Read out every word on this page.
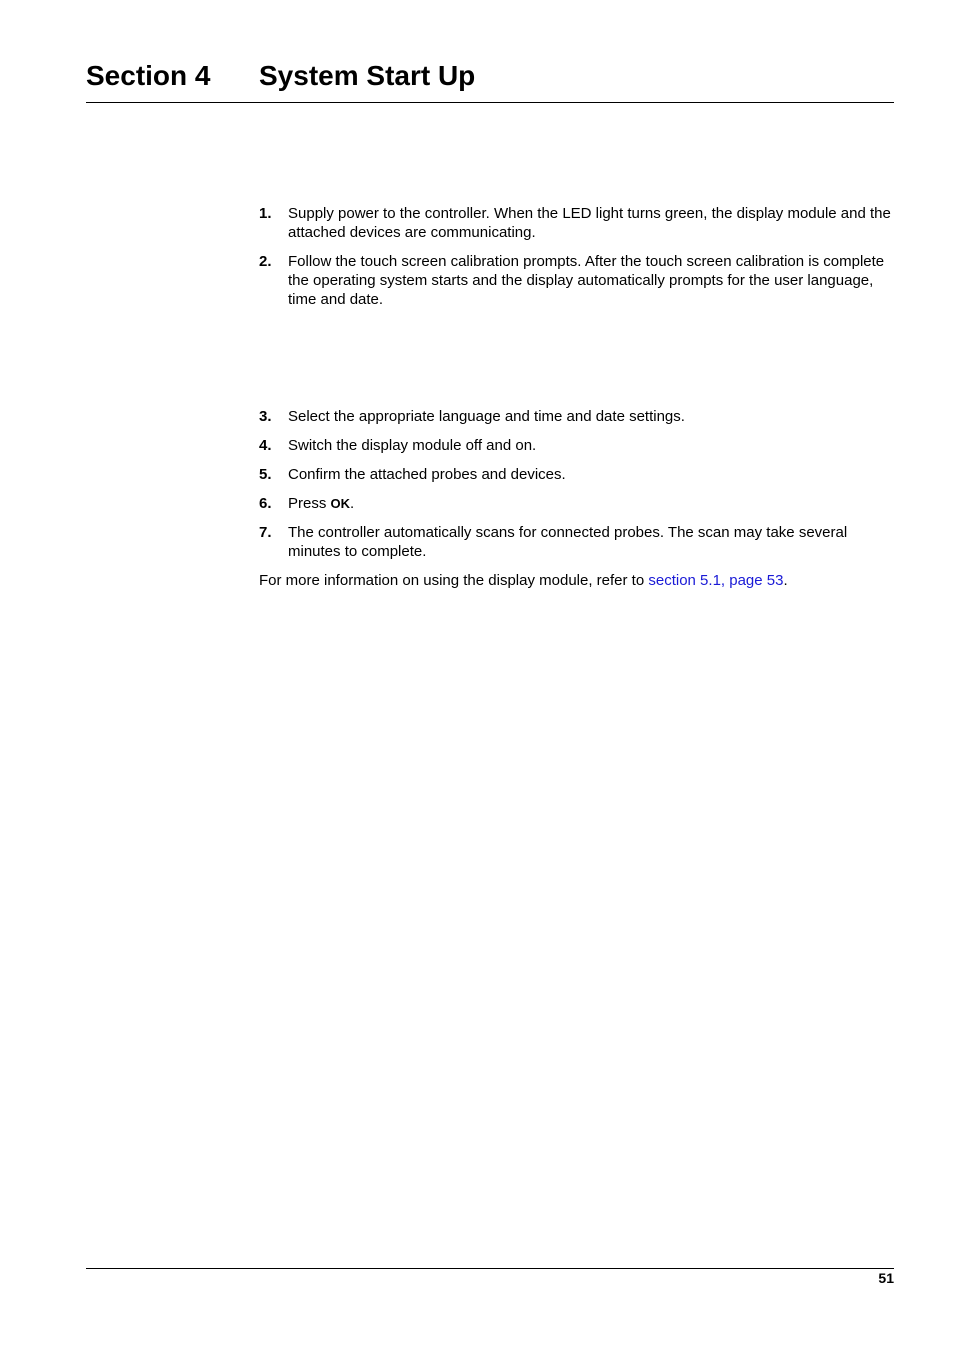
Section 4 System Start Up
1. Supply power to the controller. When the LED light turns green, the display module and the attached devices are communicating.
2. Follow the touch screen calibration prompts. After the touch screen calibration is complete the operating system starts and the display automatically prompts for the user language, time and date.
3. Select the appropriate language and time and date settings.
4. Switch the display module off and on.
5. Confirm the attached probes and devices.
6. Press OK.
7. The controller automatically scans for connected probes. The scan may take several minutes to complete.
For more information on using the display module, refer to section 5.1, page 53.
51
